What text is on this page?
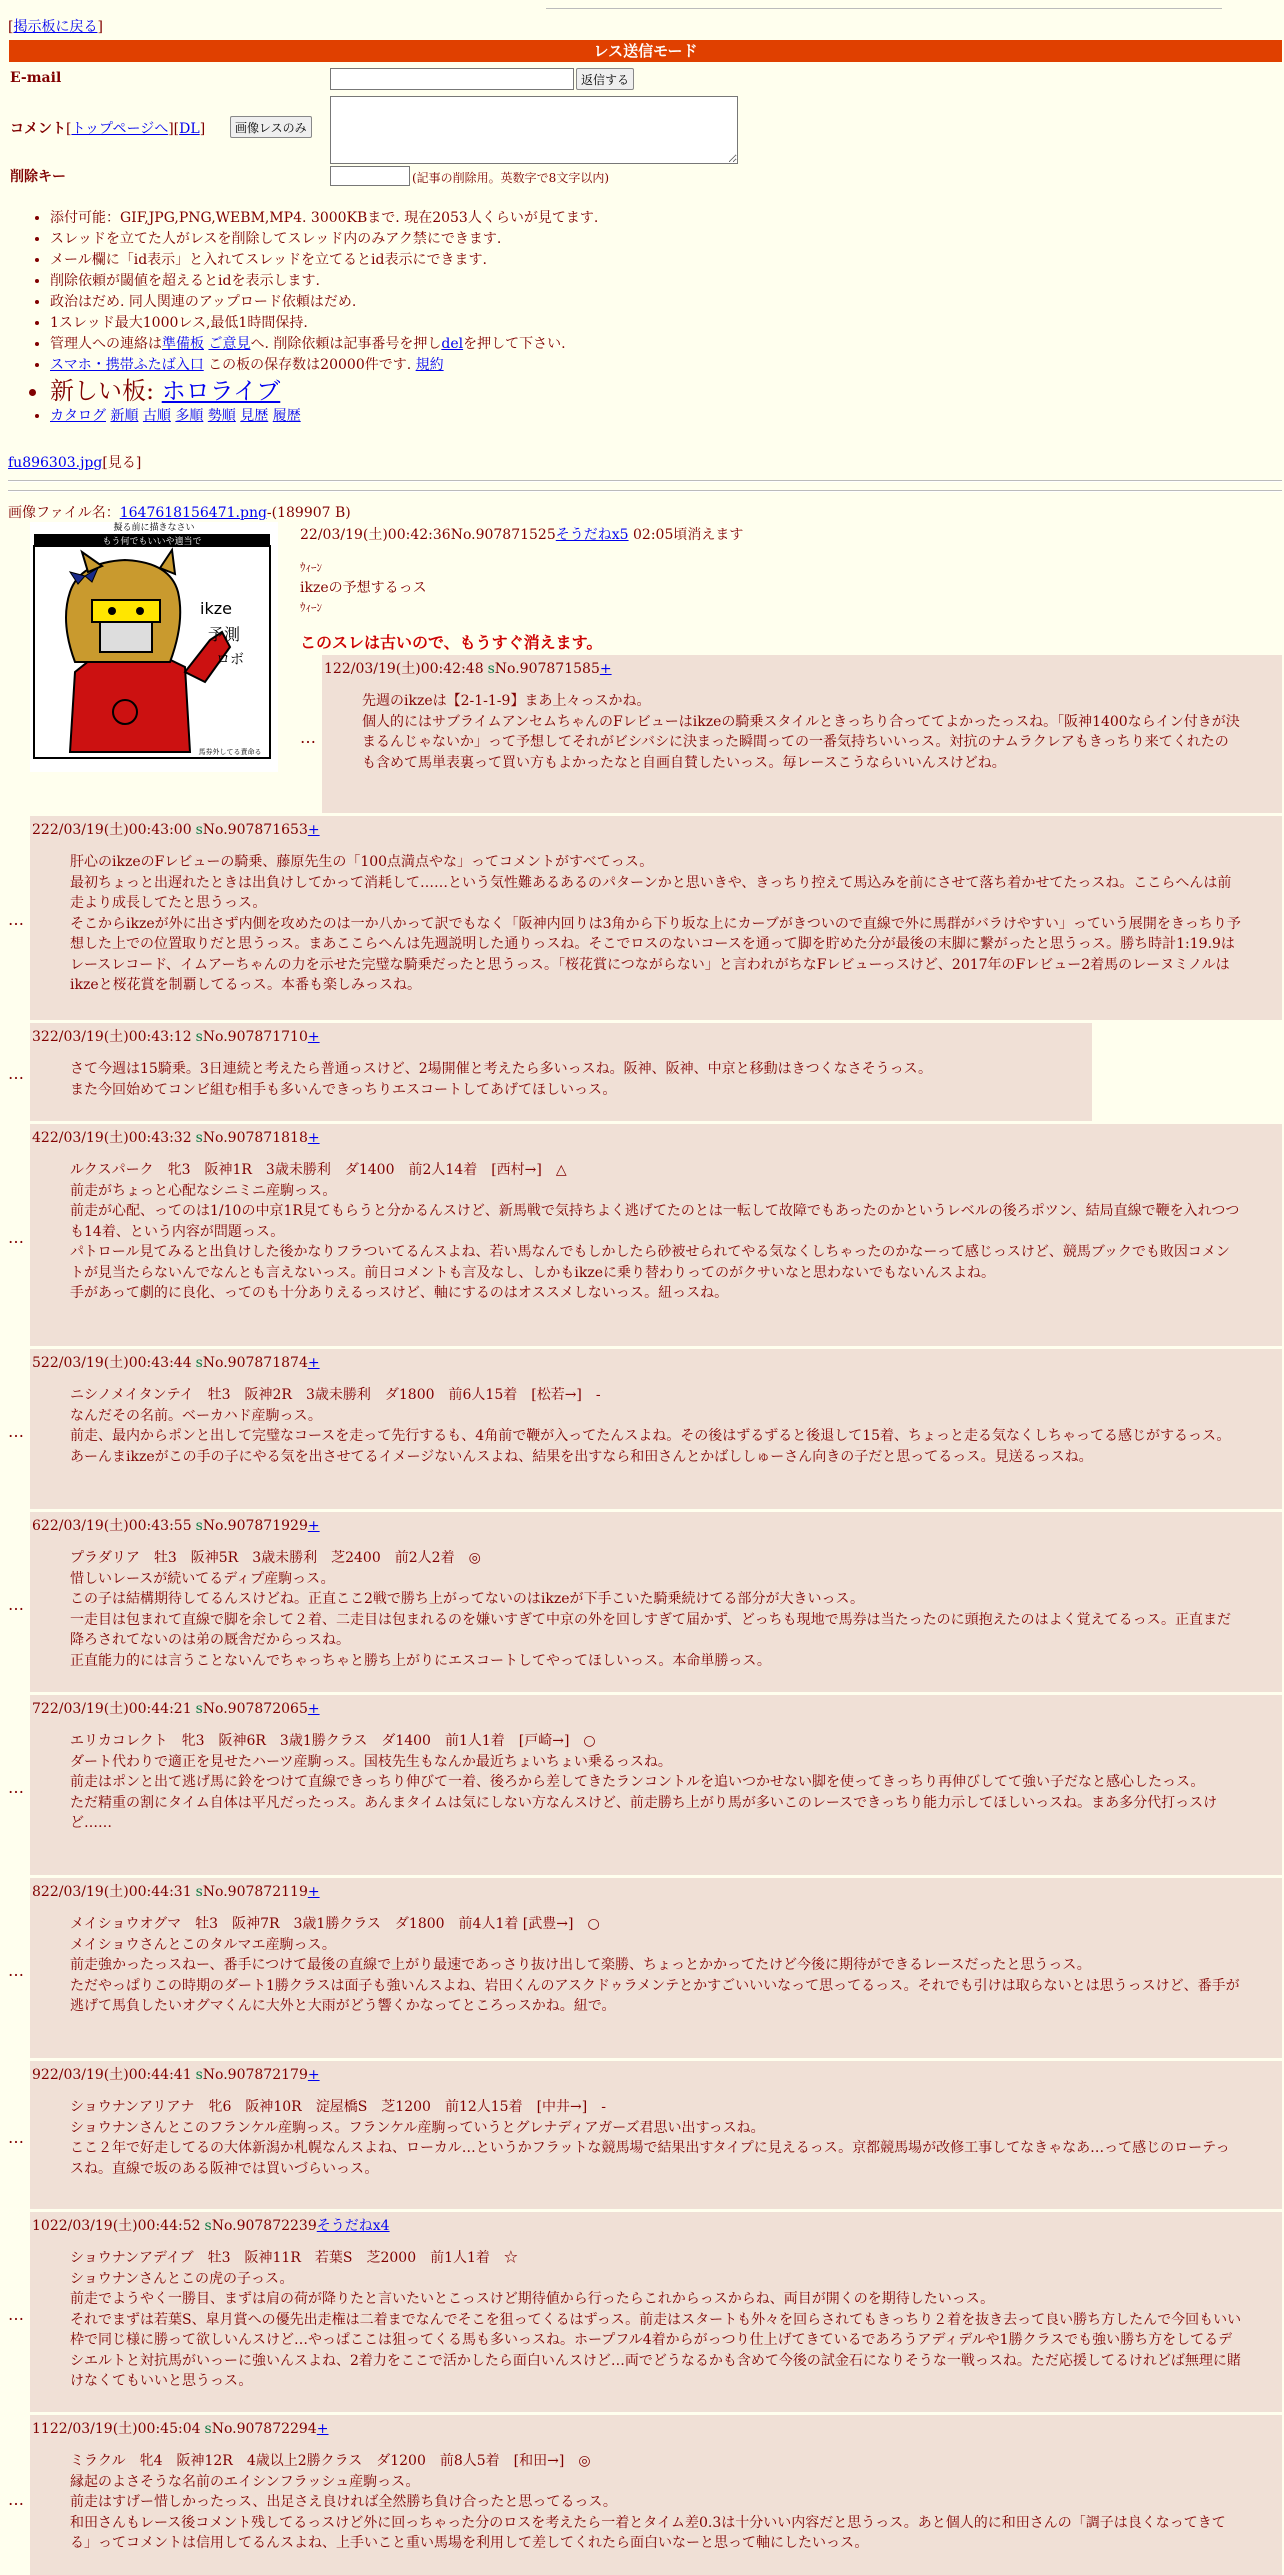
[掲示板に戻る]
レス送信モード
E-mail	返信する
コメント[トップページへ][DL]	画像レスのみ
削除キー	(記事の削除用。英数字で8文字以内)
• 添付可能：GIF,JPG,PNG,WEBM,MP4. 3000KBまで. 現在2053人くらいが見てます.
• スレッドを立てた人がレスを削除してスレッド内のみアク禁にできます.
• メール欄に「id表示」と入れてスレッドを立てるとid表示にできます.
• 削除依頼が閾値を超えるとidを表示します.
• 政治はだめ. 同人関連のアップロード依頼はだめ.
• 1スレッド最大1000レス,最低1時間保持.
• 管理人への連絡は準備板 ご意見へ. 削除依頼は記事番号を押しdelを押して下さい.
• スマホ・携帯ふたば入口 この板の保存数は20000件です. 規約
• 新しい板: ホロライブ
• カタログ 新順 古順 多順 勢順 見歴 履歴
fu896303.jpg[見る]
画像ファイル名：1647618156471.png-(189907 B)
擬る前に描きなさい
もう何でもいいや適当で
ikze
予測
ロボ
馬券外してる責命る
22/03/19(土)00:42:36No.907871525そうだねx5 02:05頃消えます
ｳｨｰﾝ
ikzeの予想するっス
ｳｨｰﾝ
このスレは古いので、もうすぐ消えます。
…
122/03/19(土)00:42:48 sNo.907871585+

先週のikzeは【2-1-1-9】まあ上々っスかね。

個人的にはサブライムアンセムちゃんのFレビューはikzeの騎乗スタイルときっちり合っててよかったっスね。「阪神1400ならイン付きが決まるんじゃないか」って予想してそれがビシバシに決まった瞬間っての一番気持ちいいっス。対抗のナムラクレアもきっちり来てくれたのも含めて馬単表裏って買い方もよかったなと自画自賛したいっス。毎レースこうならいいんスけどね。

…
222/03/19(土)00:43:00 sNo.907871653+

肝心のikzeのFレビューの騎乗、藤原先生の「100点満点やな」ってコメントがすべてっス。

最初ちょっと出遅れたときは出負けしてかって消耗して……という気性難あるあるのパターンかと思いきや、きっちり控えて馬込みを前にさせて落ち着かせてたっスね。ここらへんは前走より成長してたと思うっス。

そこからikzeが外に出さず内側を攻めたのは一か八かって訳でもなく「阪神内回りは3角から下り坂な上にカーブがきついので直線で外に馬群がバラけやすい」っていう展開をきっちり予想した上での位置取りだと思うっス。まあここらへんは先週説明した通りっスね。そこでロスのないコースを通って脚を貯めた分が最後の末脚に繋がったと思うっス。勝ち時計1:19.9はレースレコード、イムアーちゃんの力を示せた完璧な騎乗だったと思うっス。「桜花賞につながらない」と言われがちなFレビューっスけど、2017年のFレビュー2着馬のレーヌミノルはikzeと桜花賞を制覇してるっス。本番も楽しみっスね。

…
322/03/19(土)00:43:12 sNo.907871710+

さて今週は15騎乗。3日連続と考えたら普通っスけど、2場開催と考えたら多いっスね。阪神、阪神、中京と移動はきつくなさそうっス。

また今回始めてコンビ組む相手も多いんできっちりエスコートしてあげてほしいっス。

…
422/03/19(土)00:43:32 sNo.907871818+

ルクスパーク　牝3　阪神1R　3歳未勝利　ダ1400　前2人14着　[西村→]　△

前走がちょっと心配なシニミニ産駒っス。

前走が心配、ってのは1/10の中京1R見てもらうと分かるんスけど、新馬戦で気持ちよく逃げてたのとは一転して故障でもあったのかというレベルの後ろポツン、結局直線で鞭を入れつつも14着、という内容が問題っス。

パトロール見てみると出負けした後かなりフラついてるんスよね、若い馬なんでもしかしたら砂被せられてやる気なくしちゃったのかなーって感じっスけど、競馬ブックでも敗因コメントが見当たらないんでなんとも言えないっス。前日コメントも言及なし、しかもikzeに乗り替わりってのがクサいなと思わないでもないんスよね。

手があって劇的に良化、ってのも十分ありえるっスけど、軸にするのはオススメしないっス。紐っスね。

…
522/03/19(土)00:43:44 sNo.907871874+

ニシノメイタンテイ　牡3　阪神2R　3歳未勝利　ダ1800　前6人15着　[松若→]　-

なんだその名前。ベーカハド産駒っス。

前走、最内からポンと出して完璧なコースを走って先行するも、4角前で鞭が入ってたんスよね。その後はずるずると後退して15着、ちょっと走る気なくしちゃってる感じがするっス。

あーんまikzeがこの手の子にやる気を出させてるイメージないんスよね、結果を出すなら和田さんとかばししゅーさん向きの子だと思ってるっス。見送るっスね。

…
622/03/19(土)00:43:55 sNo.907871929+

プラダリア　牡3　阪神5R　3歳未勝利　芝2400　前2人2着　◎

惜しいレースが続いてるディプ産駒っス。

この子は結構期待してるんスけどね。正直ここ2戦で勝ち上がってないのはikzeが下手こいた騎乗続けてる部分が大きいっス。

一走目は包まれて直線で脚を余して２着、二走目は包まれるのを嫌いすぎて中京の外を回しすぎて届かず、どっちも現地で馬券は当たったのに頭抱えたのはよく覚えてるっス。正直まだ降ろされてないのは弟の厩舎だからっスね。

正直能力的には言うことないんでちゃっちゃと勝ち上がりにエスコートしてやってほしいっス。本命単勝っス。

…
722/03/19(土)00:44:21 sNo.907872065+

エリカコレクト　牝3　阪神6R　3歳1勝クラス　ダ1400　前1人1着　[戸崎→]　○

ダート代わりで適正を見せたハーツ産駒っス。国枝先生もなんか最近ちょいちょい乗るっスね。

前走はポンと出て逃げ馬に鈴をつけて直線できっちり伸びて一着、後ろから差してきたランコントルを追いつかせない脚を使ってきっちり再伸びしてて強い子だなと感心したっス。

ただ精重の割にタイム自体は平凡だったっス。あんまタイムは気にしない方なんスけど、前走勝ち上がり馬が多いこのレースできっちり能力示してほしいっスね。まあ多分代打っスけど……

…
822/03/19(土)00:44:31 sNo.907872119+

メイショウオグマ　牡3　阪神7R　3歳1勝クラス　ダ1800　前4人1着 [武豊→]　○

メイショウさんとこのタルマエ産駒っス。

前走強かったっスねー、番手につけて最後の直線で上がり最速であっさり抜け出して楽勝、ちょっとかかってたけど今後に期待ができるレースだったと思うっス。

ただやっぱりこの時期のダート1勝クラスは面子も強いんスよね、岩田くんのアスクドゥラメンテとかすごいいいなって思ってるっス。それでも引けは取らないとは思うっスけど、番手が逃げて馬負したいオグマくんに大外と大雨がどう響くかなってところっスかね。紐で。

…
922/03/19(土)00:44:41 sNo.907872179+

ショウナンアリアナ　牝6　阪神10R　淀屋橋S　芝1200　前12人15着　[中井→]　-

ショウナンさんとこのフランケル産駒っス。フランケル産駒っていうとグレナディアガーズ君思い出すっスね。

ここ２年で好走してるの大体新潟か札幌なんスよね、ローカル…というかフラットな競馬場で結果出すタイプに見えるっス。京都競馬場が改修工事してなきゃなあ…って感じのローテっスね。直線で坂のある阪神では買いづらいっス。

…
1022/03/19(土)00:44:52 sNo.907872239そうだねx4

ショウナンアデイブ　牡3　阪神11R　若葉S　芝2000　前1人1着　☆

ショウナンさんとこの虎の子っス。

前走でようやく一勝目、まずは肩の荷が降りたと言いたいとこっスけど期待値から行ったらこれからっスからね、両目が開くのを期待したいっス。

それでまずは若葉S、皐月賞への優先出走権は二着までなんでそこを狙ってくるはずっス。前走はスタートも外々を回らされてもきっちり２着を抜き去って良い勝ち方したんで今回もいい枠で同じ様に勝って欲しいんスけど…やっぱここは狙ってくる馬も多いっスね。ホープフル4着からがっつり仕上げてきているであろうアディデルや1勝クラスでも強い勝ち方をしてるデシエルトと対抗馬がいっーに強いんスよね、2着力をここで活かしたら面白いんスけど…両でどうなるかも含めて今後の試金石になりそうな一戦っスね。ただ応援してるけれどば無理に賭けなくてもいいと思うっス。

…
1122/03/19(土)00:45:04 sNo.907872294+

ミラクル　牝4　阪神12R　4歳以上2勝クラス　ダ1200　前8人5着　[和田→]　◎

縁起のよさそうな名前のエイシンフラッシュ産駒っス。

前走はすげー惜しかったっス、出足さえ良ければ全然勝ち負け合ったと思ってるっス。

和田さんもレース後コメント残してるっスけど外に回っちゃった分のロスを考えたら一着とタイム差0.3は十分いい内容だと思うっス。あと個人的に和田さんの「調子は良くなってきてる」ってコメントは信用してるんスよね、上手いこと重い馬場を利用して差してくれたら面白いなーと思って軸にしたいっス。
